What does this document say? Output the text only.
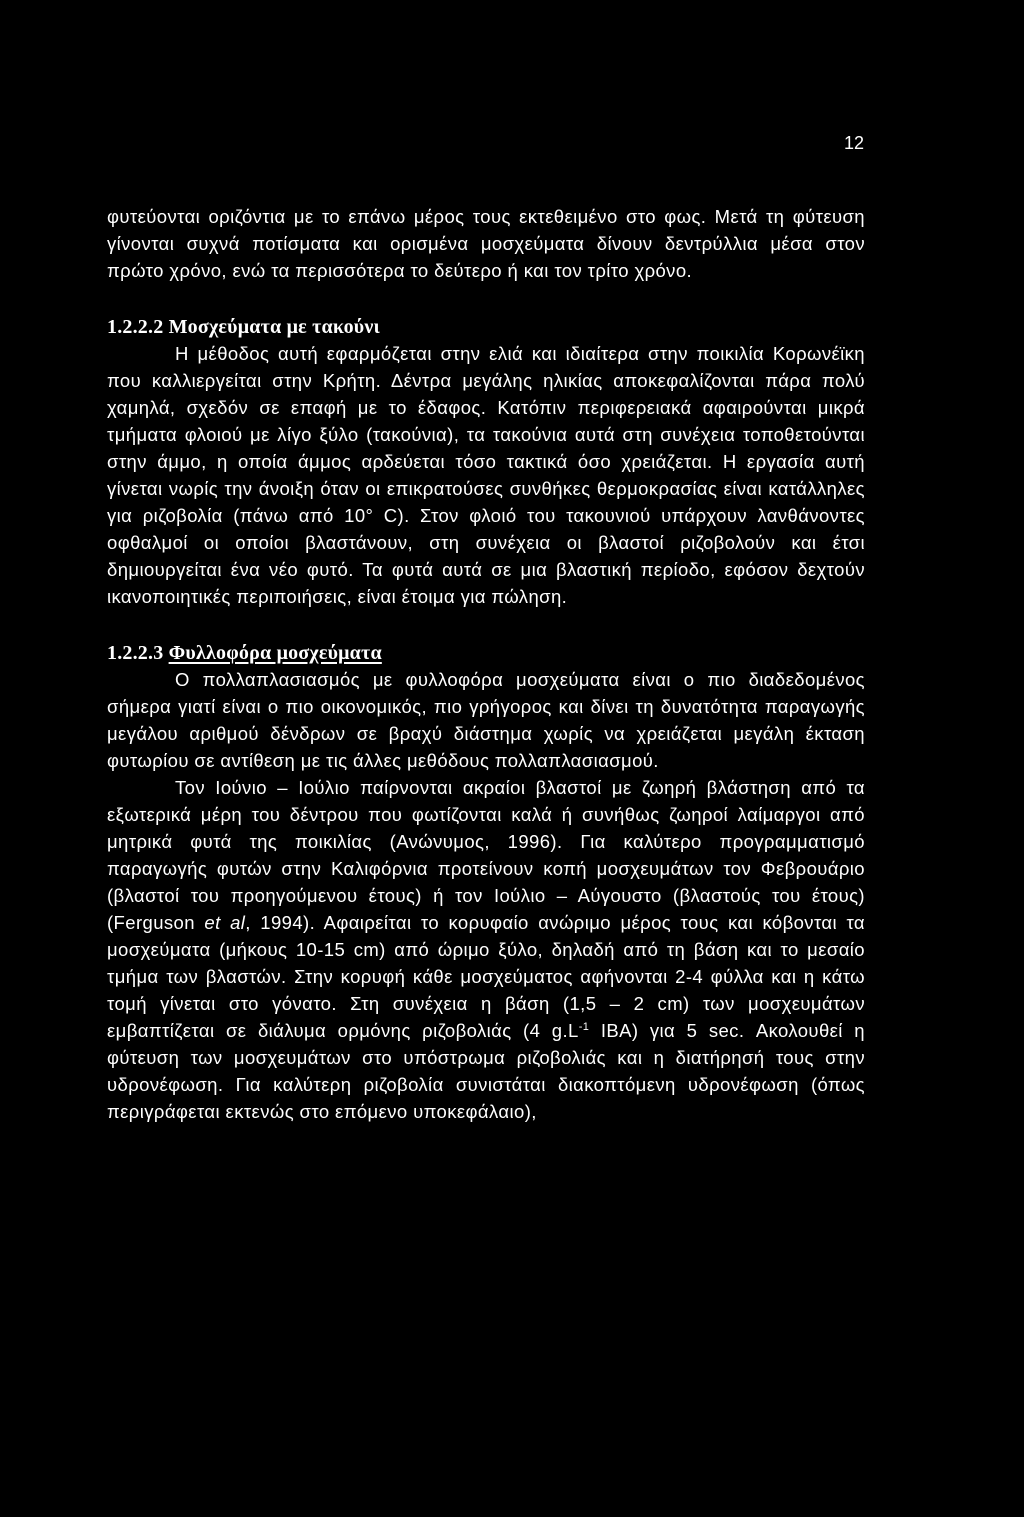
12

φυτεύονται οριζόντια με το επάνω μέρος τους εκτεθειμένο στο φως. Μετά τη φύτευση γίνονται συχνά ποτίσματα και ορισμένα μοσχεύματα δίνουν δεντρύλλια μέσα στον πρώτο χρόνο, ενώ τα περισσότερα το δεύτερο ή και τον τρίτο χρόνο.

1.2.2.2 Μοσχεύματα με τακούνι

Η μέθοδος αυτή εφαρμόζεται στην ελιά και ιδιαίτερα στην ποικιλία Κορωνέϊκη που καλλιεργείται στην Κρήτη. Δέντρα μεγάλης ηλικίας αποκεφαλίζονται πάρα πολύ χαμηλά, σχεδόν σε επαφή με το έδαφος. Κατόπιν περιφερειακά αφαιρούνται μικρά τμήματα φλοιού με λίγο ξύλο (τακούνια), τα τακούνια αυτά στη συνέχεια τοποθετούνται στην άμμο, η οποία άμμος αρδεύεται τόσο τακτικά όσο χρειάζεται. Η εργασία αυτή γίνεται νωρίς την άνοιξη όταν οι επικρατούσες συνθήκες θερμοκρασίας είναι κατάλληλες για ριζοβολία (πάνω από 10° C). Στον φλοιό του τακουνιού υπάρχουν λανθάνοντες οφθαλμοί οι οποίοι βλαστάνουν, στη συνέχεια οι βλαστοί ριζοβολούν και έτσι δημιουργείται ένα νέο φυτό. Τα φυτά αυτά σε μια βλαστική περίοδο, εφόσον δεχτούν ικανοποιητικές περιποιήσεις, είναι έτοιμα για πώληση.

1.2.2.3 Φυλλοφόρα μοσχεύματα

Ο πολλαπλασιασμός με φυλλοφόρα μοσχεύματα είναι ο πιο διαδεδομένος σήμερα γιατί είναι ο πιο οικονομικός, πιο γρήγορος και δίνει τη δυνατότητα παραγωγής μεγάλου αριθμού δένδρων σε βραχύ διάστημα χωρίς να χρειάζεται μεγάλη έκταση φυτωρίου σε αντίθεση με τις άλλες μεθόδους πολλαπλασιασμού.

Τον Ιούνιο – Ιούλιο παίρνονται ακραίοι βλαστοί με ζωηρή βλάστηση από τα εξωτερικά μέρη του δέντρου που φωτίζονται καλά ή συνήθως ζωηροί λαίμαργοι από μητρικά φυτά της ποικιλίας (Ανώνυμος, 1996). Για καλύτερο προγραμματισμό παραγωγής φυτών στην Καλιφόρνια προτείνουν κοπή μοσχευμάτων τον Φεβρουάριο (βλαστοί του προηγούμενου έτους) ή τον Ιούλιο – Αύγουστο (βλαστούς του έτους) (Ferguson et al, 1994). Αφαιρείται το κορυφαίο ανώριμο μέρος τους και κόβονται τα μοσχεύματα (μήκους 10-15 cm) από ώριμο ξύλο, δηλαδή από τη βάση και το μεσαίο τμήμα των βλαστών. Στην κορυφή κάθε μοσχεύματος αφήνονται 2-4 φύλλα και η κάτω τομή γίνεται στο γόνατο. Στη συνέχεια η βάση (1,5 – 2 cm) των μοσχευμάτων εμβαπτίζεται σε διάλυμα ορμόνης ριζοβολιάς (4 $g.L^{-1}$ IBA) για 5 sec. Ακολουθεί η φύτευση των μοσχευμάτων στο υπόστρωμα ριζοβολιάς και η διατήρησή τους στην υδρονέφωση. Για καλύτερη ριζοβολία συνιστάται διακοπτόμενη υδρονέφωση (όπως περιγράφεται εκτενώς στο επόμενο υποκεφάλαιο),
